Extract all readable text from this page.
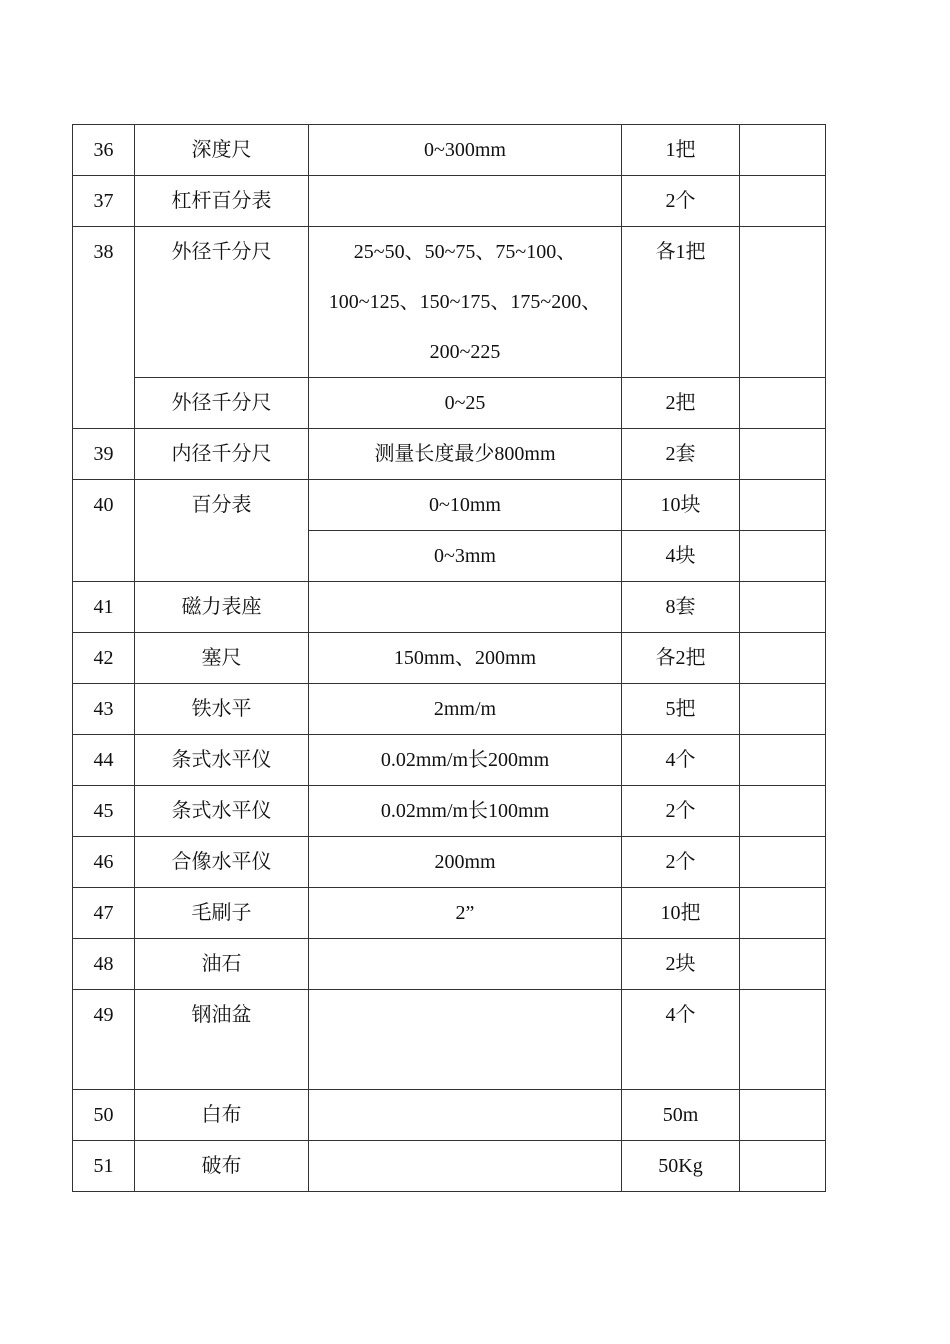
36	深度尺	0~300mm	1把	
37	杠杆百分表		2个	
38	外径千分尺	25~50、50~75、75~100、100~125、150~175、175~200、200~225	各1把	
	外径千分尺	0~25	2把	
39	内径千分尺	测量长度最少800mm	2套	
40	百分表	0~10mm	10块	
		0~3mm	4块	
41	磁力表座		8套	
42	塞尺	150mm、200mm	各2把	
43	铁水平	2mm/m	5把	
44	条式水平仪	0.02mm/m长200mm	4个	
45	条式水平仪	0.02mm/m长100mm	2个	
46	合像水平仪	200mm	2个	
47	毛刷子	2”	10把	
48	油石		2块	
49	钢油盆		4个	
50	白布		50m	
51	破布		50Kg	
